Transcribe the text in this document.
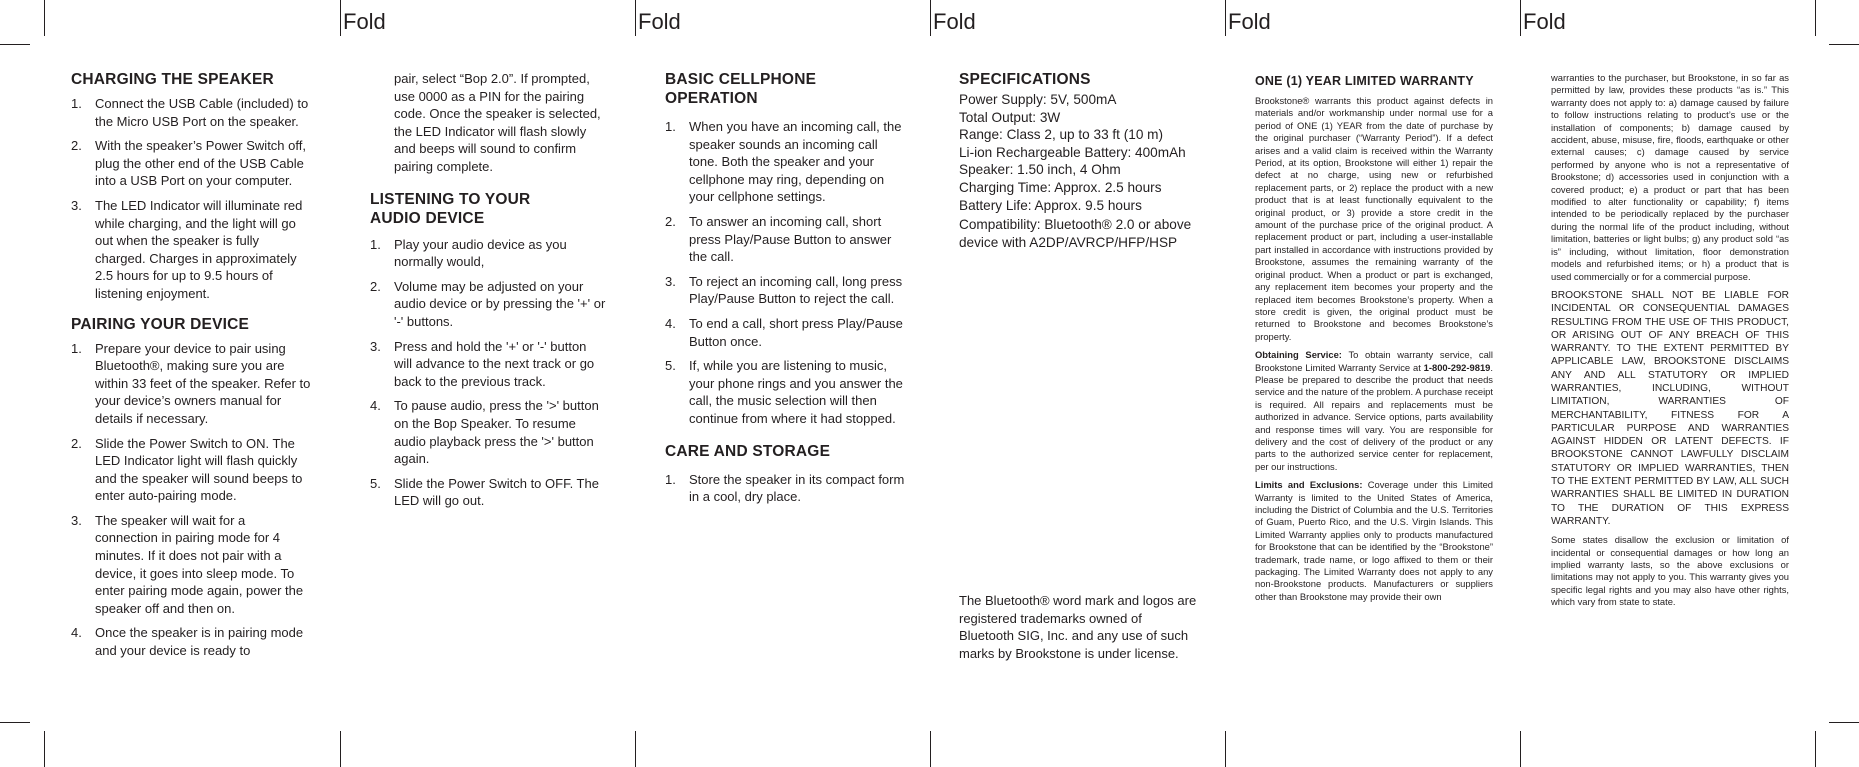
Fold	Fold	Fold	Fold	Fold
CHARGING THE SPEAKER
1. Connect the USB Cable (included) to the Micro USB Port on the speaker.
2. With the speaker’s Power Switch off, plug the other end of the USB Cable into a USB Port on your computer.
3. The LED Indicator will illuminate red while charging, and the light will go out when the speaker is fully charged. Charges in approximately 2.5 hours for up to 9.5 hours of listening enjoyment.
PAIRING YOUR DEVICE
1. Prepare your device to pair using Bluetooth®, making sure you are within 33 feet of the speaker. Refer to your device’s owners manual for details if necessary.
2. Slide the Power Switch to ON. The LED Indicator light will flash quickly and the speaker will sound beeps to enter auto-pairing mode.
3. The speaker will wait for a connection in pairing mode for 4 minutes. If it does not pair with a device, it goes into sleep mode. To enter pairing mode again, power the speaker off and then on.
4. Once the speaker is in pairing mode and your device is ready to

pair, select “Bop 2.0”. If prompted, use 0000 as a PIN for the pairing code. Once the speaker is selected, the LED Indicator will flash slowly and beeps will sound to confirm pairing complete.

LISTENING TO YOUR
AUDIO DEVICE
1. Play your audio device as you normally would,
2. Volume may be adjusted on your audio device or by pressing the '+' or '-' buttons.
3. Press and hold the '+' or '-' button will advance to the next track or go back to the previous track.
4. To pause audio, press the '>' button on the Bop Speaker. To resume audio playback press the '>' button again.
5. Slide the Power Switch to OFF. The LED will go out.
BASIC CELLPHONE OPERATION
1. When you have an incoming call, the speaker sounds an incoming call tone. Both the speaker and your cellphone may ring, depending on your cellphone settings.
2. To answer an incoming call, short press Play/Pause Button to answer the call.
3. To reject an incoming call, long press Play/Pause Button to reject the call.
4. To end a call, short press Play/Pause Button once.
5. If, while you are listening to music, your phone rings and you answer the call, the music selection will then continue from where it had stopped.
CARE AND STORAGE
1. Store the speaker in its compact form in a cool, dry place.
SPECIFICATIONS
Power Supply: 5V, 500mA
Total Output: 3W
Range: Class 2, up to 33 ft (10 m)
Li-ion Rechargeable Battery: 400mAh
Speaker: 1.50 inch, 4 Ohm
Charging Time: Approx. 2.5 hours
Battery Life: Approx. 9.5 hours
Compatibility: Bluetooth® 2.0 or above device with A2DP/AVRCP/HFP/HSP

The Bluetooth® word mark and logos are registered trademarks owned of Bluetooth SIG, Inc. and any use of such marks by Brookstone is under license.

ONE (1) YEAR LIMITED WARRANTY

Brookstone® warrants this product against defects in materials and/or workmanship under normal use for a period of ONE (1) YEAR from the date of purchase by the original purchaser (“Warranty Period”). If a defect arises and a valid claim is received within the Warranty Period, at its option, Brookstone will either 1) repair the defect at no charge, using new or refurbished replacement parts, or 2) replace the product with a new product that is at least functionally equivalent to the original product, or 3) provide a store credit in the amount of the purchase price of the original product. A replacement product or part, including a user-installable part installed in accordance with instructions provided by Brookstone, assumes the remaining warranty of the original product. When a product or part is exchanged, any replacement item becomes your property and the replaced item becomes Brookstone’s property. When a store credit is given, the original product must be returned to Brookstone and becomes Brookstone’s property.

Obtaining Service: To obtain warranty service, call Brookstone Limited Warranty Service at 1-800-292-9819. Please be prepared to describe the product that needs service and the nature of the problem. A purchase receipt is required. All repairs and replacements must be authorized in advance. Service options, parts availability and response times will vary. You are responsible for delivery and the cost of delivery of the product or any parts to the authorized service center for replacement, per our instructions.

Limits and Exclusions: Coverage under this Limited Warranty is limited to the United States of America, including the District of Columbia and the U.S. Territories of Guam, Puerto Rico, and the U.S. Virgin Islands. This Limited Warranty applies only to products manufactured for Brookstone that can be identified by the “Brookstone” trademark, trade name, or logo affixed to them or their packaging. The Limited Warranty does not apply to any non-Brookstone products. Manufacturers or suppliers other than Brookstone may provide their own

warranties to the purchaser, but Brookstone, in so far as permitted by law, provides these products “as is.” This warranty does not apply to: a) damage caused by failure to follow instructions relating to product’s use or the installation of components; b) damage caused by accident, abuse, misuse, fire, floods, earthquake or other external causes; c) damage caused by service performed by anyone who is not a representative of Brookstone; d) accessories used in conjunction with a covered product; e) a product or part that has been modified to alter functionality or capability; f) items intended to be periodically replaced by the purchaser during the normal life of the product including, without limitation, batteries or light bulbs; g) any product sold “as is” including, without limitation, floor demonstration models and refurbished items; or h) a product that is used commercially or for a commercial purpose.

BROOKSTONE SHALL NOT BE LIABLE FOR INCIDENTAL OR CONSEQUENTIAL DAMAGES RESULTING FROM THE USE OF THIS PRODUCT, OR ARISING OUT OF ANY BREACH OF THIS WARRANTY. TO THE EXTENT PERMITTED BY APPLICABLE LAW, BROOKSTONE DISCLAIMS ANY AND ALL STATUTORY OR IMPLIED WARRANTIES, INCLUDING, WITHOUT LIMITATION, WARRANTIES OF MERCHANTABILITY, FITNESS FOR A PARTICULAR PURPOSE AND WARRANTIES AGAINST HIDDEN OR LATENT DEFECTS. IF BROOKSTONE CANNOT LAWFULLY DISCLAIM STATUTORY OR IMPLIED WARRANTIES, THEN TO THE EXTENT PERMITTED BY LAW, ALL SUCH WARRANTIES SHALL BE LIMITED IN DURATION TO THE DURATION OF THIS EXPRESS WARRANTY.

Some states disallow the exclusion or limitation of incidental or consequential damages or how long an implied warranty lasts, so the above exclusions or limitations may not apply to you. This warranty gives you specific legal rights and you may also have other rights, which vary from state to state.
